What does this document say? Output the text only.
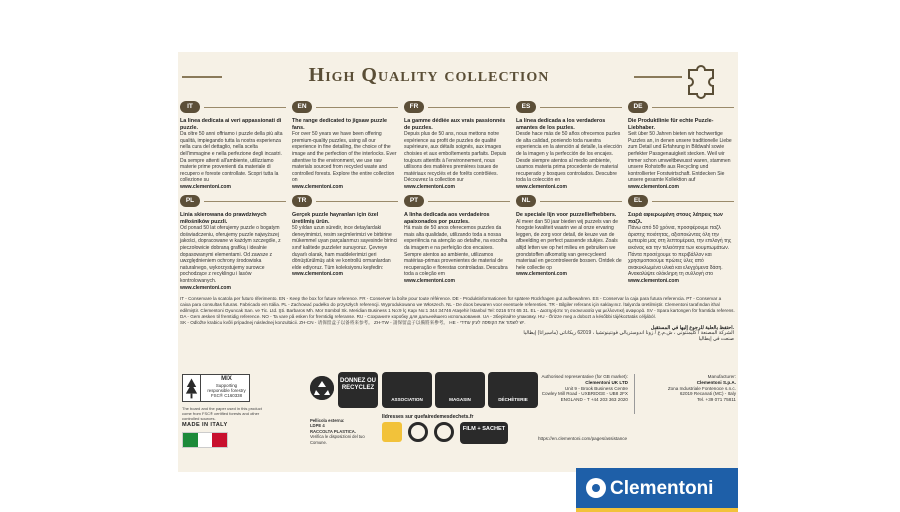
High Quality collection
IT
La linea dedicata ai veri appassionati di puzzle.
Da oltre 50 anni offriamo i puzzle della più alta qualità, impiegando tutta la nostra esperienza nella cura del dettaglio, nella scelta dell'immagine e nella perfezione degli incastri. Da sempre attenti all'ambiente, utilizziamo materie prime provenienti da materiale di recupero e foreste controllate. Scopri tutta la collezione su
www.clementoni.com
EN
The range dedicated to jigsaw puzzle fans.
For over 50 years we have been offering premium-quality puzzles, using all our experience in fine detailing, the choice of the image and the perfection of the interlocks. Ever attentive to the environment, we use raw materials sourced from recycled waste and controlled forests. Explore the entire collection on
www.clementoni.com
FR
La gamme dédiée aux vrais passionnés de puzzles.
Depuis plus de 50 ans, nous mettons notre expérience au profit de puzzles de qualité supérieure, aux détails soignés, aux images choisies et aux emboîtements parfaits. Depuis toujours attentifs à l'environnement, nous utilisons des matières premières issues de matériaux recyclés et de forêts contrôlées. Découvrez la collection sur
www.clementoni.com
ES
La línea dedicada a los verdaderos amantes de los puzles.
Desde hace más de 50 años ofrecemos puzles de alta calidad, poniendo toda nuestra experiencia en la atención al detalle, la elección de la imagen y la perfección de los encajes. Desde siempre atentos al medio ambiente, usamos materia prima procedente de material recuperado y bosques controlados. Descubre toda la colección en
www.clementoni.com
DE
Die Produktlinie für echte Puzzle-Liebhaber.
Seit über 50 Jahren bieten wir hochwertige Puzzles an, in denen unsere traditionelle Liebe zum Detail und Erfahrung in Bildwahl sowie perfekter Passgenauigkeit stecken. Weil wir immer schon umweltbewusst waren, stammen unsere Rohstoffe aus Recycling und kontrollierter Forstwirtschaft. Entdecken Sie unsere gesamte Kollektion auf
www.clementoni.com
PL
Linia skierowana do prawdziwych miłośników puzzli.
Od ponad 50 lat oferujemy puzzle o bogatym doświadczeniu, oferujemy puzzle najwyższej jakości, dopracowane w każdym szczególe, z pieczołowicie dobraną grafiką i idealnie dopasowanymi elementami. Od zawsze z uwzględnieniem ochrony środowiska naturalnego, wykorzystujemy surowce pochodzące z recyklingu i lasów kontrolowanych.
www.clementoni.com
TR
Gerçek puzzle hayranları için özel üretilmiş ürün.
50 yıldan uzun süredir, ince detaylardaki deneyimimizi, resim seçimlerimizi ve birbirine mükemmel uyan parçalarımızı sayesinde birinci sınıf kalitede puzzleler sunuyoruz. Çevreye duyarlı olarak, ham maddelerimizi geri dönüştürülmüş atık ve kontrollü ormanlardan elde ediyoruz. Tüm koleksiyonu keşfedin:
www.clementoni.com
PT
A linha dedicada aos verdadeiros apaixonados por puzzles.
Há mais de 50 anos oferecemos puzzles da mais alta qualidade, utilizando toda a nossa experiência na atenção ao detalhe, na escolha da imagem e na perfeição dos encaixes. Sempre atentos ao ambiente, utilizamos matérias-primas provenientes de material de recuperação e florestas controladas. Descubra toda a coleção em
www.clementoni.com
NL
De speciale lijn voor puzzelliefhebbers.
Al meer dan 50 jaar bieden wij puzzels van de hoogste kwaliteit waarin we al onze ervaring leggen, de zorg voor detail, de keuze van de afbeelding en perfect passende stukjes. Zoals altijd letten we op het milieu en gebruiken we grondstoffen afkomstig van gerecycleerd materiaal en gecontroleerde bossen. Ontdek de hele collectie op
www.clementoni.com
EL
Σειρά αφιερωμένη στους λάτρεις των παζλ.
Πάνω από 50 χρόνια, προσφέρουμε παζλ άριστης ποιότητας, αξιοποιώντας όλη την εμπειρία μας στη λεπτομέρεια, την επιλογή της εικόνας και την τελειότητα των κουμπωμάτων. Πάντα προσέχουμε το περιβάλλον και χρησιμοποιούμε πρώτες ύλες από ανακυκλωμένα υλικά και ελεγχόμενα δάση. Ανακαλύψτε ολόκληρη τη συλλογή στο
www.clementoni.com

IT - Conservare la scatola per futuro riferimento. EN - Keep the box for future reference. FR - Conserver la boîte pour toute référence. DE - Produktinformationen für spätere Rückfragen gut aufbewahren. ES - Conservar la caja para futura referencia. PT - Conservar a

caixa para consultas futuras. Fabricado em Itália. PL - Zachować pudełko do przyszłych referencji. Wyprodukowano we Włoszech. NL - De doos bewaren voor eventuele referenties. TR - Bilgiler referans için saklayınız. İtalya'da üretilmiştir. Clementoni tarafından ithal

edilmiştir. Clementoni Oyuncak San. ve Tic. Ltd. Şti. Barbaros Mh. Mor Sümbül Sk. Meridian Business 1 No:9 İç Kapı No:1 344 34746 Ataşehir İstanbul Tel: 0216 574 65 31. EL - Διατηρήστε τη συσκευασία για μελλοντική αναφορά. SV - Spara kartongen för framtida referens.

DA - Gem æsken til fremtidig reference. NO - Ta vare på esken for fremtidig referanse. RU - Сохраните коробку для дальнейшего использования. UA - Зберігайте упаковку. HU - Őrizze meg a dobozt a későbbi tájékoztatás céljából.

SK - Odložte krabicu kvôli prípadnej následnej konzultácii. ZH-CN - 请保留盒子以备将来参考。 ZH-TW - 請保留盒子以備將來參考。 HE - יש לשמור את הקופסה לעיון עתידי.

احتفظ بالعلبة للرجوع إليها في المستقبل.

الشركة المصنعة / كليمنتوني ، ش.م.ع / زونا اندوستريالي فونتينوتشيا ، 62019 ريكاناتي (ماسيراتا) إيطاليا

صنعت في إيطاليا

MIX
Supporting
responsible forestry
FSC® C160338
The board and the paper used in this product come from FSC® certified forests and other controlled sources.
MADE IN ITALY
DONNEZ OU RECYCLEZ
ASSOCIATION	MAGASIN	DÉCHÈTERIE
Ildresses sur quefairedemesdechets.fr
Pellicola esterna:
LDPE 4
RACCOLTA PLASTICA.
Verifica le disposizioni del tuo Comune.
FILM + SACHET
Authorised representative (for GB market):
Clementoni UK LTD
Unit 9 - Brook Business Centre
Cowley Mill Road - UXBRIDGE - UB8 2FX
ENGLAND - T +44 203 363 2020
Manufacturer:
Clementoni S.p.A.
Zona Industriale Fontenoce s.n.c.
62019 Recanati (MC) - Italy
Tel. +39 071 75811
https://en.clementoni.com/pages/assistance
Clementoni
